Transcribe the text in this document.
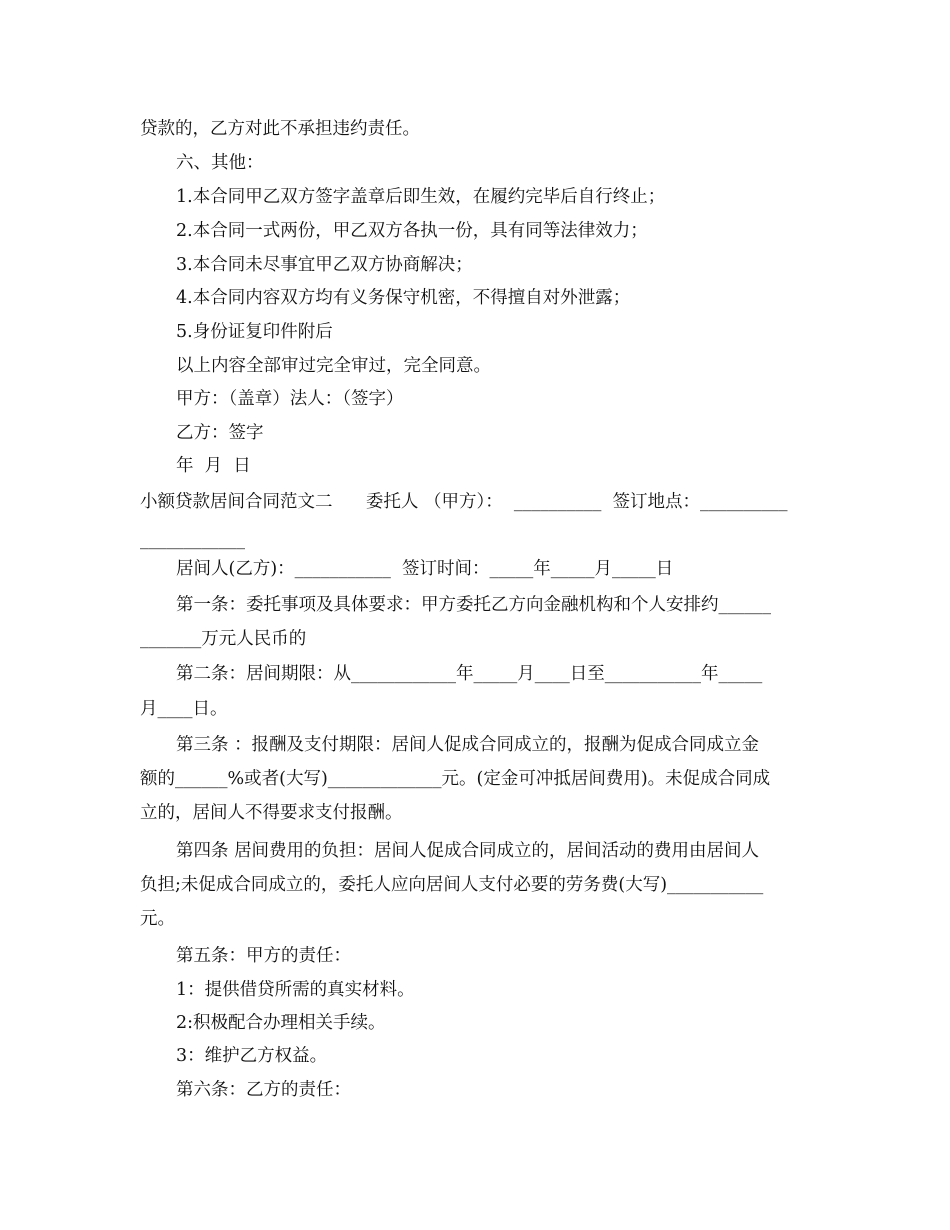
贷款的，乙方对此不承担违约责任。

六、其他：

1.本合同甲乙双方签字盖章后即生效，在履约完毕后自行终止；

2.本合同一式两份，甲乙双方各执一份，具有同等法律效力；

3.本合同未尽事宜甲乙双方协商解决；

4.本合同内容双方均有义务保守机密，不得擅自对外泄露；

5.身份证复印件附后

以上内容全部审过完全审过，完全同意。

甲方：（盖章）法人：（签字）

乙方：签字

年  月  日

小额贷款居间合同范文二      委托人 （甲方）：  __________  签订地点：__________

____________

居间人(乙方)：___________  签订时间：_____年_____月_____日

第一条：委托事项及具体要求：甲方委托乙方向金融机构和个人安排约______

_______万元人民币的

第二条：居间期限：从____________年_____月____日至___________年_____

月____日。

第三条 ：报酬及支付期限：居间人促成合同成立的，报酬为促成合同成立金

额的______%或者(大写)_____________元。(定金可冲抵居间费用)。未促成合同成

立的，居间人不得要求支付报酬。

第四条 居间费用的负担：居间人促成合同成立的，居间活动的费用由居间人

负担;未促成合同成立的，委托人应向居间人支付必要的劳务费(大写)___________

元。

第五条：甲方的责任：

1：提供借贷所需的真实材料。

2:积极配合办理相关手续。

3：维护乙方权益。

第六条：乙方的责任：
